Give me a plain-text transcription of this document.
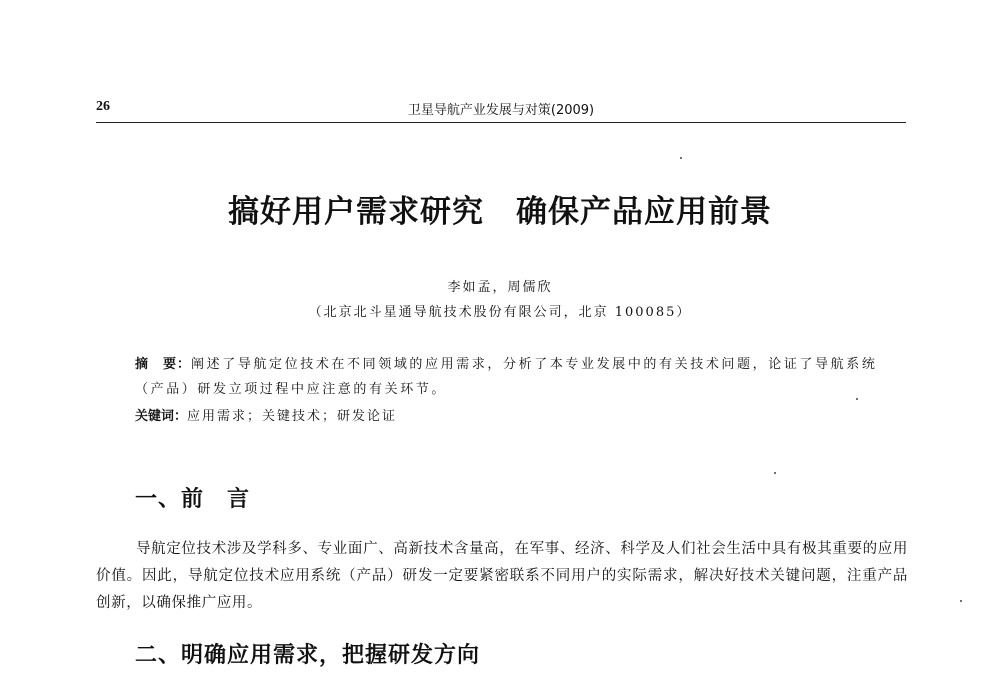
26	卫星导航产业发展与对策(2009)
搞好用户需求研究　确保产品应用前景
李如孟，周儒欣
（北京北斗星通导航技术股份有限公司，北京 100085）
摘　要：阐述了导航定位技术在不同领域的应用需求，分析了本专业发展中的有关技术问题，论证了导航系统（产品）研发立项过程中应注意的有关环节。
关键词：应用需求；关键技术；研发论证
一、前　言
导航定位技术涉及学科多、专业面广、高新技术含量高，在军事、经济、科学及人们社会生活中具有极其重要的应用价值。因此，导航定位技术应用系统（产品）研发一定要紧密联系不同用户的实际需求，解决好技术关键问题，注重产品创新，以确保推广应用。
二、明确应用需求，把握研发方向
